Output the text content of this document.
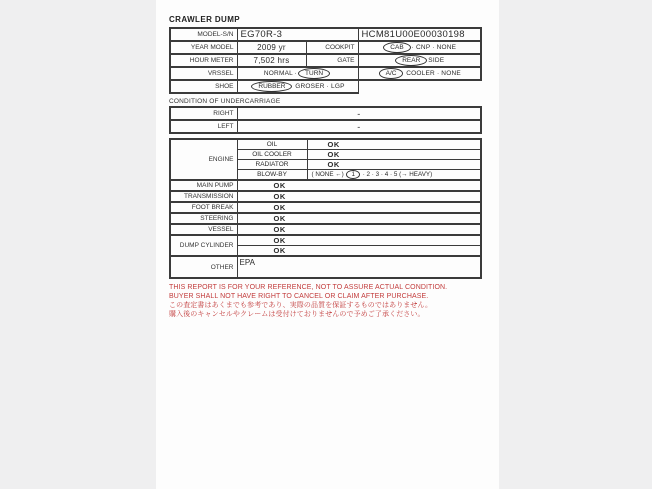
CRAWLER DUMP
MODEL-S/N	EG70R-3		HCM81U00E00030198
YEAR MODEL	2009 yr	COOKPIT	CAB · CNP · NONE
HOUR METER	7,502 hrs	GATE	REAR SIDE
VRSSEL	NORMAL · TURN		A/C COOLER · NONE
SHOE	RUBBER GROSER · LGP		
CONDITION OF UNDERCARRIAGE
RIGHT	-
LEFT	-
ENGINE	OIL	OK
	OIL COOLER	OK
	RADIATOR	OK
	BLOW-BY	( NONE ←) 1 · 2 · 3 · 4 · 5 (→ HEAVY)
MAIN PUMP	OK	
TRANSMISSION	OK	
FOOT BREAK	OK	
STEERING	OK	
VESSEL	OK	
DUMP CYLINDER	OK	
	OK	
OTHER	EPA	
THIS REPORT IS FOR YOUR REFERENCE, NOT TO ASSURE ACTUAL CONDITION.
BUYER SHALL NOT HAVE RIGHT TO CANCEL OR CLAIM AFTER PURCHASE.
この査定書はあくまでも参考であり、実際の品質を保証するものではありません。
購入後のキャンセルやクレームは受付けておりませんので予めご了承ください。
